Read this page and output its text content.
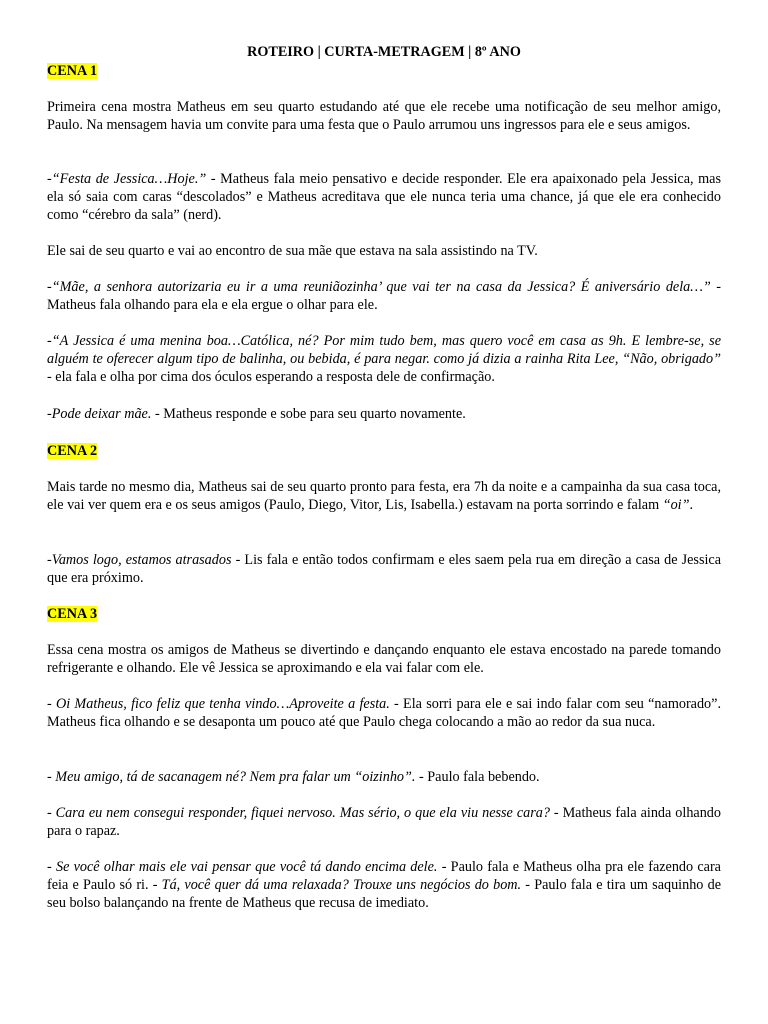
ROTEIRO | CURTA-METRAGEM | 8º ANO
CENA 1

Primeira cena mostra Matheus em seu quarto estudando até que ele recebe uma notificação de seu melhor amigo, Paulo. Na mensagem havia um convite para uma festa que o Paulo arrumou uns ingressos para ele e seus amigos.

-“Festa de Jessica…Hoje.” - Matheus fala meio pensativo e decide responder. Ele era apaixonado pela Jessica, mas ela só saia com caras “descolados” e Matheus acreditava que ele nunca teria uma chance, já que ele era conhecido como “cérebro da sala” (nerd).

Ele sai de seu quarto e vai ao encontro de sua mãe que estava na sala assistindo na TV.

-“Mãe, a senhora autorizaria eu ir a uma reuniãozinha’ que vai ter na casa da Jessica? É aniversário dela…” - Matheus fala olhando para ela e ela ergue o olhar para ele.

-“A Jessica é uma menina boa…Católica, né? Por mim tudo bem, mas quero você em casa as 9h. E lembre-se, se alguém te oferecer algum tipo de balinha, ou bebida, é para negar. como já dizia a rainha Rita Lee, “Não, obrigado” - ela fala e olha por cima dos óculos esperando a resposta dele de confirmação.

-Pode deixar mãe. - Matheus responde e sobe para seu quarto novamente.

CENA 2

Mais tarde no mesmo dia, Matheus sai de seu quarto pronto para festa, era 7h da noite e a campainha da sua casa toca, ele vai ver quem era e os seus amigos (Paulo, Diego, Vitor, Lis, Isabella.) estavam na porta sorrindo e falam “oi”.

-Vamos logo, estamos atrasados - Lis fala e então todos confirmam e eles saem pela rua em direção a casa de Jessica que era próximo.

CENA 3

Essa cena mostra os amigos de Matheus se divertindo e dançando enquanto ele estava encostado na parede tomando refrigerante e olhando. Ele vê Jessica se aproximando e ela vai falar com ele.

- Oi Matheus, fico feliz que tenha vindo…Aproveite a festa. - Ela sorri para ele e sai indo falar com seu “namorado”. Matheus fica olhando e se desaponta um pouco até que Paulo chega colocando a mão ao redor da sua nuca.

- Meu amigo, tá de sacanagem né? Nem pra falar um “oizinho”. - Paulo fala bebendo.

- Cara eu nem consegui responder, fiquei nervoso. Mas sério, o que ela viu nesse cara? - Matheus fala ainda olhando para o rapaz.

- Se você olhar mais ele vai pensar que você tá dando encima dele. - Paulo fala e Matheus olha pra ele fazendo cara feia e Paulo só ri. - Tá, você quer dá uma relaxada? Trouxe uns negócios do bom. - Paulo fala e tira um saquinho de seu bolso balançando na frente de Matheus que recusa de imediato.
